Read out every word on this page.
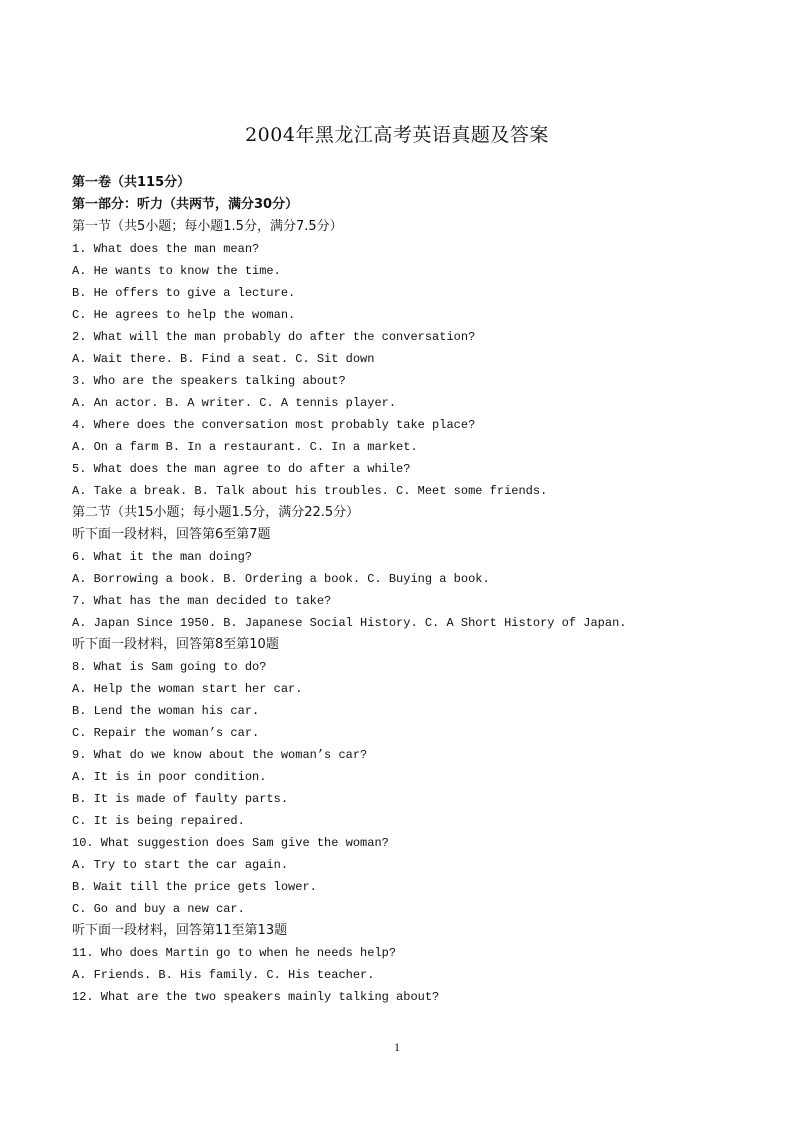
2004年黑龙江高考英语真题及答案
第一卷（共115分）
第一部分：听力（共两节，满分30分）
第一节（共5小题；每小题1.5分，满分7.5分）
1. What does the man mean?
A. He wants to know the time.
B. He offers to give a lecture.
C. He agrees to help the woman.
2. What will the man probably do after the conversation?
A. Wait there. B. Find a seat. C. Sit down
3. Who are the speakers talking about?
A. An actor. B. A writer. C. A tennis player.
4. Where does the conversation most probably take place?
A. On a farm B. In a restaurant. C. In a market.
5. What does the man agree to do after a while?
A. Take a break. B. Talk about his troubles. C. Meet some friends.
第二节（共15小题；每小题1.5分，满分22.5分）
听下面一段材料，回答第6至第7题
6. What it the man doing?
A. Borrowing a book. B. Ordering a book. C. Buying a book.
7. What has the man decided to take?
A. Japan Since 1950. B. Japanese Social History. C. A Short History of Japan.
听下面一段材料，回答第8至第10题
8. What is Sam going to do?
A. Help the woman start her car.
B. Lend the woman his car.
C. Repair the woman’s car.
9. What do we know about the woman’s car?
A. It is in poor condition.
B. It is made of faulty parts.
C. It is being repaired.
10. What suggestion does Sam give the woman?
A. Try to start the car again.
B. Wait till the price gets lower.
C. Go and buy a new car.
听下面一段材料，回答第11至第13题
11. Who does Martin go to when he needs help?
A. Friends. B. His family. C. His teacher.
12. What are the two speakers mainly talking about?
1
